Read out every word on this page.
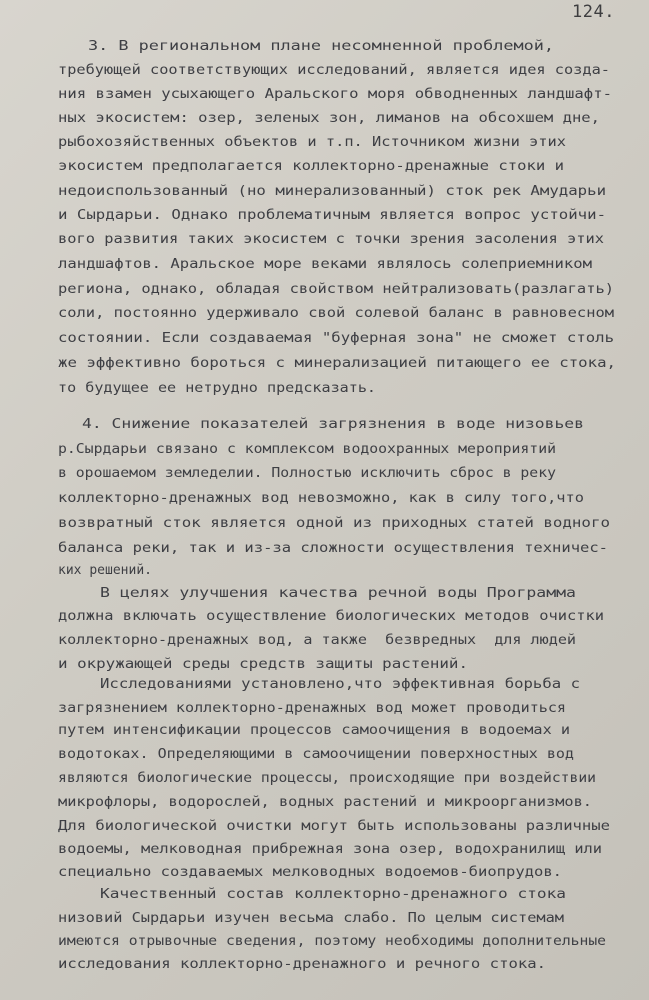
124.
3. В региональном плане несомненной проблемой,
требующей соответствующих исследований, является идея созда-
ния взамен усыхающего Аральского моря обводненных ландшафт-
ных экосистем: озер, зеленых зон, лиманов на обсохшем дне,
рыбохозяйственных объектов и т.п. Источником жизни этих
экосистем предполагается коллекторно-дренажные стоки и
недоиспользованный (но минерализованный) сток рек Амударьи
и Сырдарьи. Однако проблематичным является вопрос устойчи-
вого развития таких экосистем с точки зрения засоления этих
ландшафтов. Аральское море веками являлось солеприемником
региона, однако, обладая свойством нейтрализовать(разлагать)
соли, постоянно удерживало свой солевой баланс в равновесном
состоянии. Если создаваемая "буферная зона" не сможет столь
же эффективно бороться с минерализацией питающего ее стока,
то будущее ее нетрудно предсказать.
4. Снижение показателей загрязнения в воде низовьев
р.Сырдарьи связано с комплексом водоохранных мероприятий
в орошаемом земледелии. Полностью исключить сброс в реку
коллекторно-дренажных вод невозможно, как в силу того,что
возвратный сток является одной из приходных статей водного
баланса реки, так и из-за сложности осуществления техничес-
ких решений.
В целях улучшения качества речной воды Программа
должна включать осуществление биологических методов очистки
коллекторно-дренажных вод, а также  безвредных  для людей
и окружающей среды средств защиты растений.
Исследованиями установлено,что эффективная борьба с
загрязнением коллекторно-дренажных вод может проводиться
путем интенсификации процессов самоочищения в водоемах и
водотоках. Определяющими в самоочищении поверхностных вод
являются биологические процессы, происходящие при воздействии
микрофлоры, водорослей, водных растений и микроорганизмов.
Для биологической очистки могут быть использованы различные
водоемы, мелководная прибрежная зона озер, водохранилищ или
специально создаваемых мелководных водоемов-биопрудов.
Качественный состав коллекторно-дренажного стока
низовий Сырдарьи изучен весьма слабо. По целым системам
имеются отрывочные сведения, поэтому необходимы дополнительные
исследования коллекторно-дренажного и речного стока.
